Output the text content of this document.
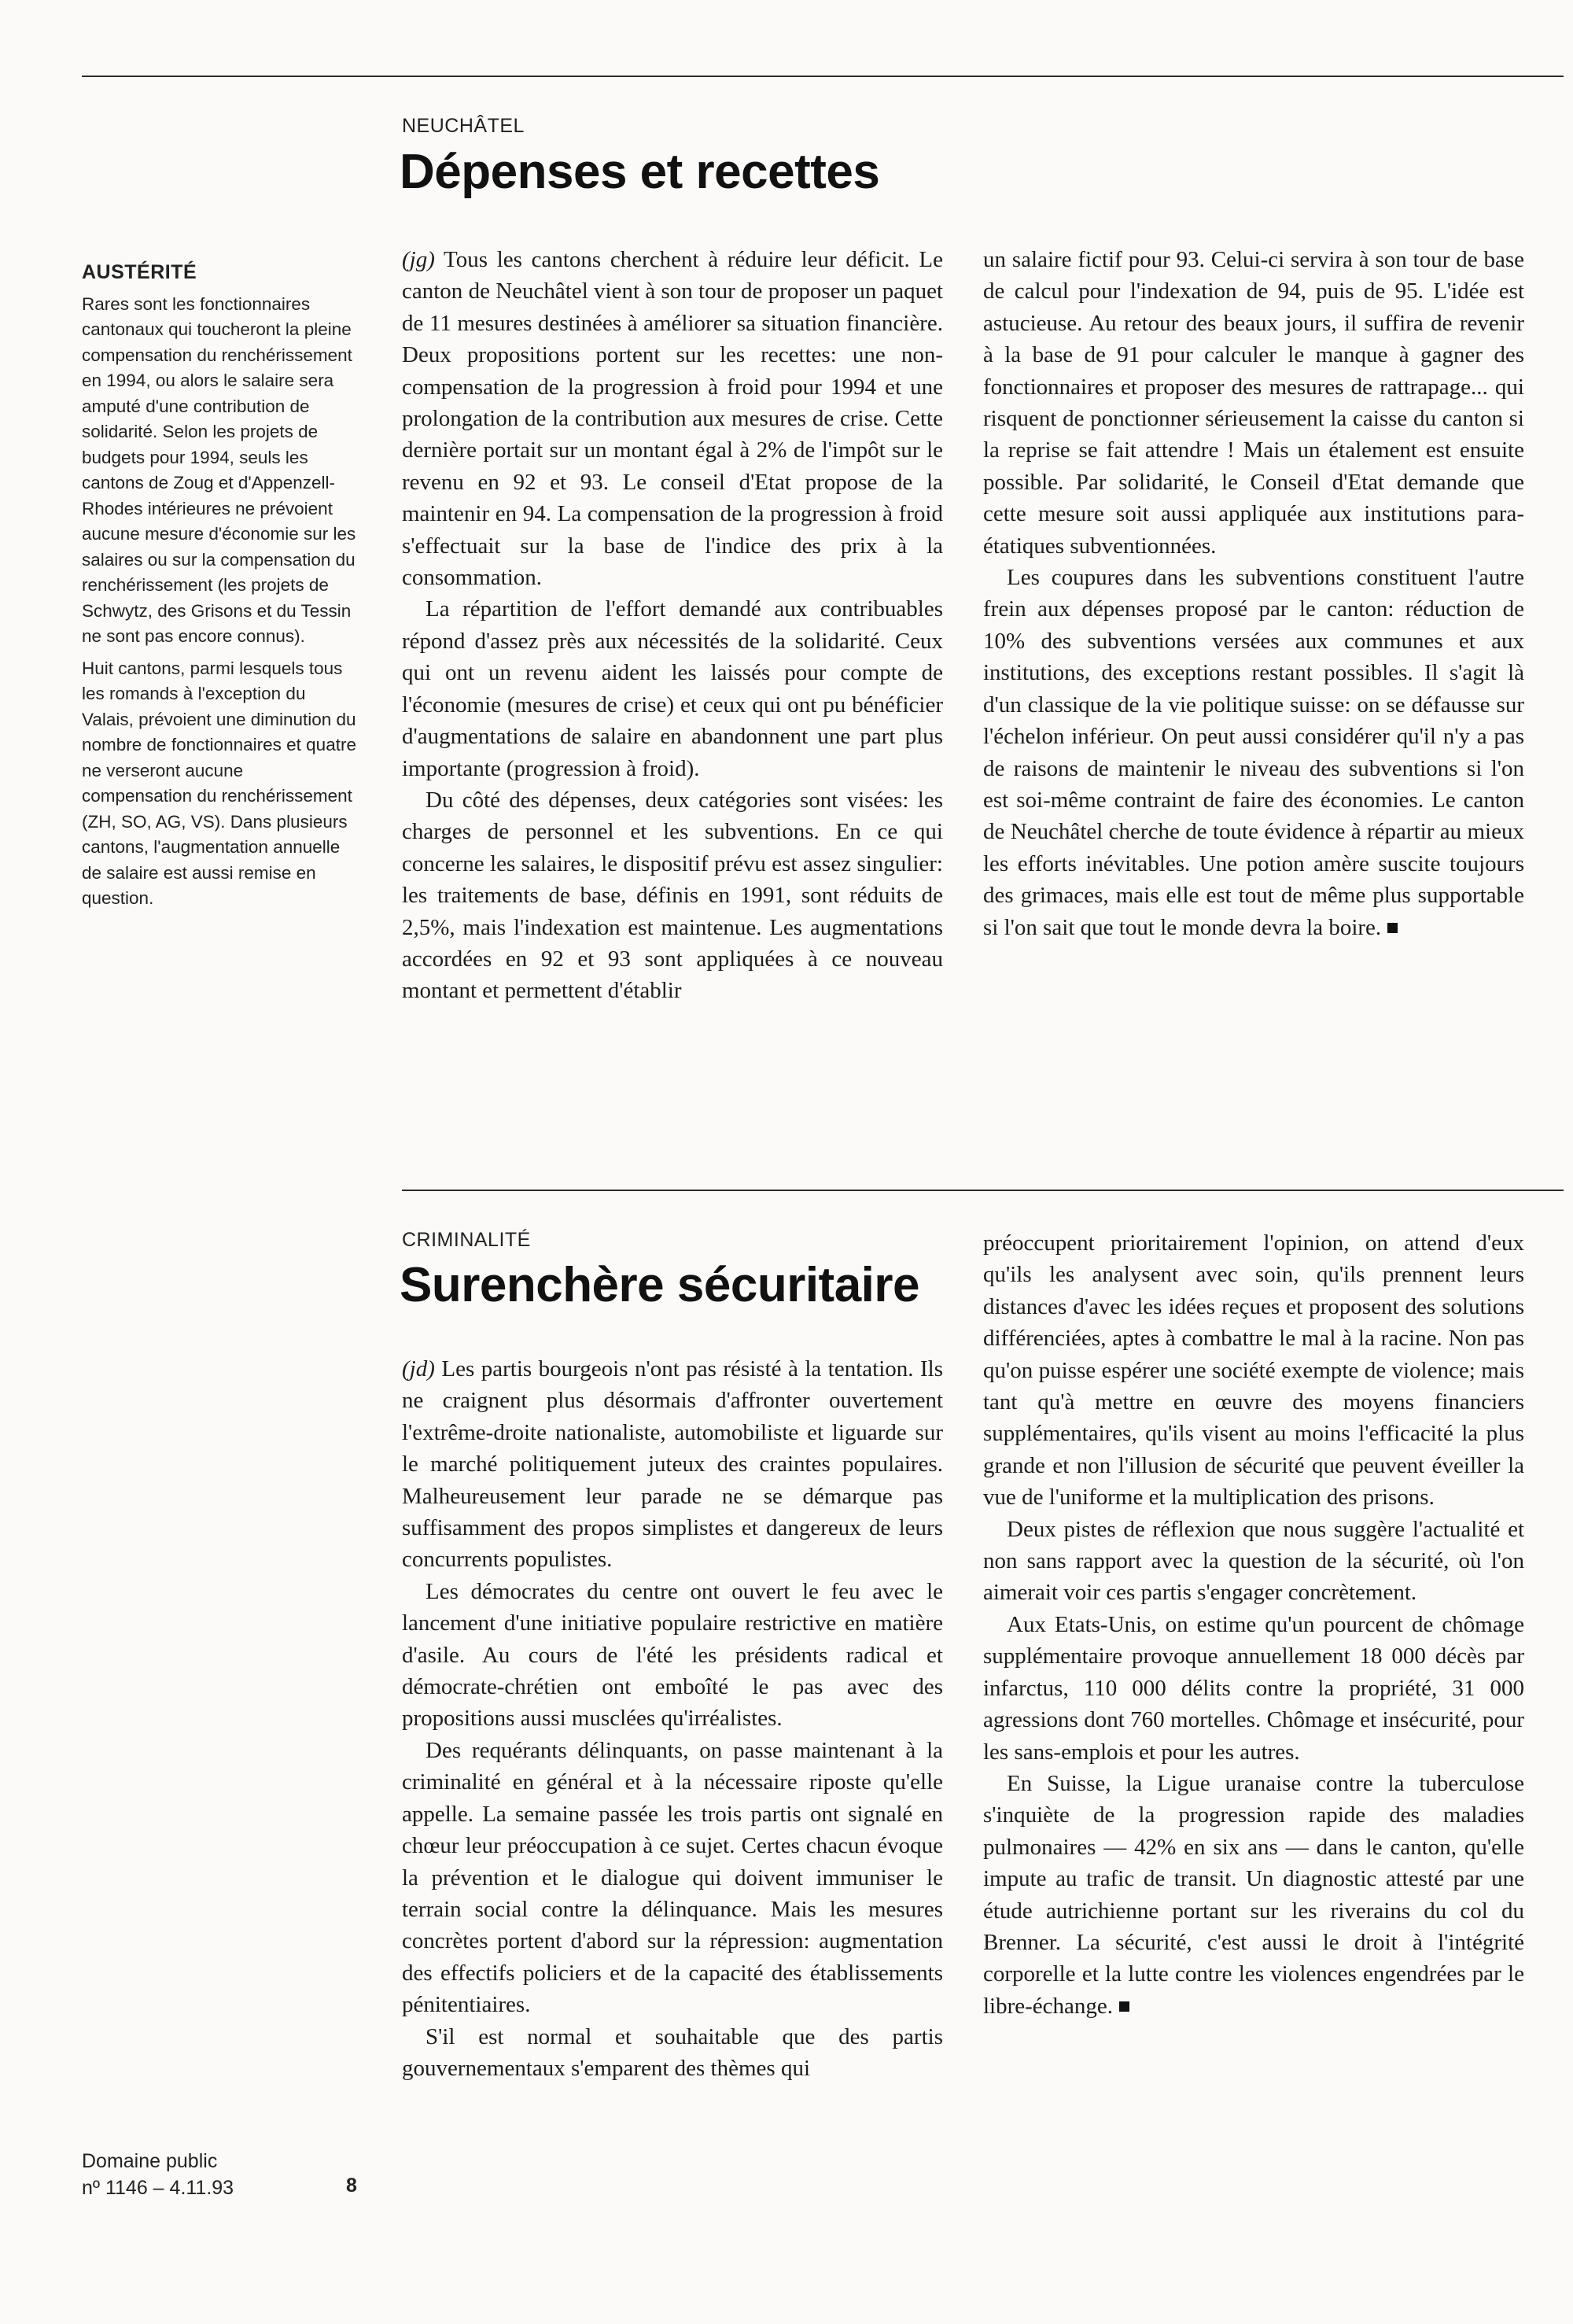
AUSTÉRITÉ

Rares sont les fonctionnaires cantonaux qui toucheront la pleine compensation du renchérissement en 1994, ou alors le salaire sera amputé d'une contribution de solidarité. Selon les projets de budgets pour 1994, seuls les cantons de Zoug et d'Appenzell-Rhodes intérieures ne prévoient aucune mesure d'économie sur les salaires ou sur la compensation du renchérissement (les projets de Schwytz, des Grisons et du Tessin ne sont pas encore connus).

Huit cantons, parmi lesquels tous les romands à l'exception du Valais, prévoient une diminution du nombre de fonctionnaires et quatre ne verseront aucune compensation du renchérissement (ZH, SO, AG, VS). Dans plusieurs cantons, l'augmentation annuelle de salaire est aussi remise en question.

NEUCHÂTEL
Dépenses et recettes

(jg) Tous les cantons cherchent à réduire leur déficit. Le canton de Neuchâtel vient à son tour de proposer un paquet de 11 mesures destinées à améliorer sa situation financière. Deux propositions portent sur les recettes: une non-compensation de la progression à froid pour 1994 et une prolongation de la contribution aux mesures de crise. Cette dernière portait sur un montant égal à 2% de l'impôt sur le revenu en 92 et 93. Le conseil d'Etat propose de la maintenir en 94. La compensation de la progression à froid s'effectuait sur la base de l'indice des prix à la consommation.

La répartition de l'effort demandé aux contribuables répond d'assez près aux nécessités de la solidarité. Ceux qui ont un revenu aident les laissés pour compte de l'économie (mesures de crise) et ceux qui ont pu bénéficier d'augmentations de salaire en abandonnent une part plus importante (progression à froid).

Du côté des dépenses, deux catégories sont visées: les charges de personnel et les subventions. En ce qui concerne les salaires, le dispositif prévu est assez singulier: les traitements de base, définis en 1991, sont réduits de 2,5%, mais l'indexation est maintenue. Les augmentations accordées en 92 et 93 sont appliquées à ce nouveau montant et permettent d'établir

un salaire fictif pour 93. Celui-ci servira à son tour de base de calcul pour l'indexation de 94, puis de 95. L'idée est astucieuse. Au retour des beaux jours, il suffira de revenir à la base de 91 pour calculer le manque à gagner des fonctionnaires et proposer des mesures de rattrapage... qui risquent de ponctionner sérieusement la caisse du canton si la reprise se fait attendre ! Mais un étalement est ensuite possible. Par solidarité, le Conseil d'Etat demande que cette mesure soit aussi appliquée aux institutions para-étatiques subventionnées.

Les coupures dans les subventions constituent l'autre frein aux dépenses proposé par le canton: réduction de 10% des subventions versées aux communes et aux institutions, des exceptions restant possibles. Il s'agit là d'un classique de la vie politique suisse: on se défausse sur l'échelon inférieur. On peut aussi considérer qu'il n'y a pas de raisons de maintenir le niveau des subventions si l'on est soi-même contraint de faire des économies. Le canton de Neuchâtel cherche de toute évidence à répartir au mieux les efforts inévitables. Une potion amère suscite toujours des grimaces, mais elle est tout de même plus supportable si l'on sait que tout le monde devra la boire.

CRIMINALITÉ
Surenchère sécuritaire

(jd) Les partis bourgeois n'ont pas résisté à la tentation. Ils ne craignent plus désormais d'affronter ouvertement l'extrême-droite nationaliste, automobiliste et liguarde sur le marché politiquement juteux des craintes populaires. Malheureusement leur parade ne se démarque pas suffisamment des propos simplistes et dangereux de leurs concurrents populistes.

Les démocrates du centre ont ouvert le feu avec le lancement d'une initiative populaire restrictive en matière d'asile. Au cours de l'été les présidents radical et démocrate-chrétien ont emboîté le pas avec des propositions aussi musclées qu'irréalistes.

Des requérants délinquants, on passe maintenant à la criminalité en général et à la nécessaire riposte qu'elle appelle. La semaine passée les trois partis ont signalé en chœur leur préoccupation à ce sujet. Certes chacun évoque la prévention et le dialogue qui doivent immuniser le terrain social contre la délinquance. Mais les mesures concrètes portent d'abord sur la répression: augmentation des effectifs policiers et de la capacité des établissements pénitentiaires.

S'il est normal et souhaitable que des partis gouvernementaux s'emparent des thèmes qui

préoccupent prioritairement l'opinion, on attend d'eux qu'ils les analysent avec soin, qu'ils prennent leurs distances d'avec les idées reçues et proposent des solutions différenciées, aptes à combattre le mal à la racine. Non pas qu'on puisse espérer une société exempte de violence; mais tant qu'à mettre en œuvre des moyens financiers supplémentaires, qu'ils visent au moins l'efficacité la plus grande et non l'illusion de sécurité que peuvent éveiller la vue de l'uniforme et la multiplication des prisons.

Deux pistes de réflexion que nous suggère l'actualité et non sans rapport avec la question de la sécurité, où l'on aimerait voir ces partis s'engager concrètement.

Aux Etats-Unis, on estime qu'un pourcent de chômage supplémentaire provoque annuellement 18 000 décès par infarctus, 110 000 délits contre la propriété, 31 000 agressions dont 760 mortelles. Chômage et insécurité, pour les sans-emplois et pour les autres.

En Suisse, la Ligue uranaise contre la tuberculose s'inquiète de la progression rapide des maladies pulmonaires — 42% en six ans — dans le canton, qu'elle impute au trafic de transit. Un diagnostic attesté par une étude autrichienne portant sur les riverains du col du Brenner. La sécurité, c'est aussi le droit à l'intégrité corporelle et la lutte contre les violences engendrées par le libre-échange.

Domaine public
nº 1146 – 4.11.93	8
